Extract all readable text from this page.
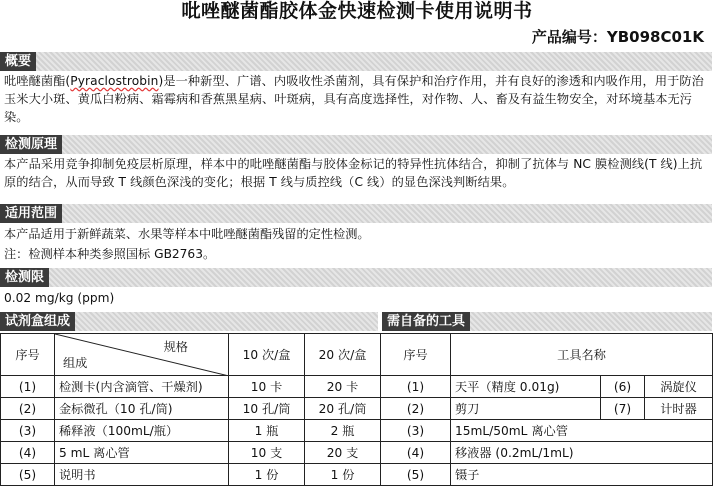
吡唑醚菌酯胶体金快速检测卡使用说明书
产品编号：YB098C01K
概要
吡唑醚菌酯(Pyraclostrobin)是一种新型、广谱、内吸收性杀菌剂，具有保护和治疗作用，并有良好的渗透和内吸作用，用于防治玉米大小斑、黄瓜白粉病、霜霉病和香蕉黑星病、叶斑病，具有高度选择性，对作物、人、畜及有益生物安全，对环境基本无污染。
检测原理
本产品采用竞争抑制免疫层析原理，样本中的吡唑醚菌酯与胶体金标记的特异性抗体结合，抑制了抗体与 NC 膜检测线(T 线)上抗原的结合，从而导致 T 线颜色深浅的变化；根据 T 线与质控线（C 线）的显色深浅判断结果。
适用范围
本产品适用于新鲜蔬菜、水果等样本中吡唑醚菌酯残留的定性检测。
注：检测样本种类参照国标 GB2763。
检测限
0.02 mg/kg (ppm)
试剂盒组成	需自备的工具
序号	规格
组成	10 次/盒	20 次/盒	序号	工具名称		
(1)	检测卡(内含滴管、干燥剂)	10 卡	20 卡	(1)	天平（精度 0.01g)	(6)	涡旋仪
(2)	金标微孔（10 孔/筒)	10 孔/筒	20 孔/筒	(2)	剪刀	(7)	计时器
(3)	稀释液（100mL/瓶）	1 瓶	2 瓶	(3)	15mL/50mL 离心管		
(4)	5 mL 离心管	10 支	20 支	(4)	移液器 (0.2mL/1mL)		
(5)	说明书	1 份	1 份	(5)	镊子		
